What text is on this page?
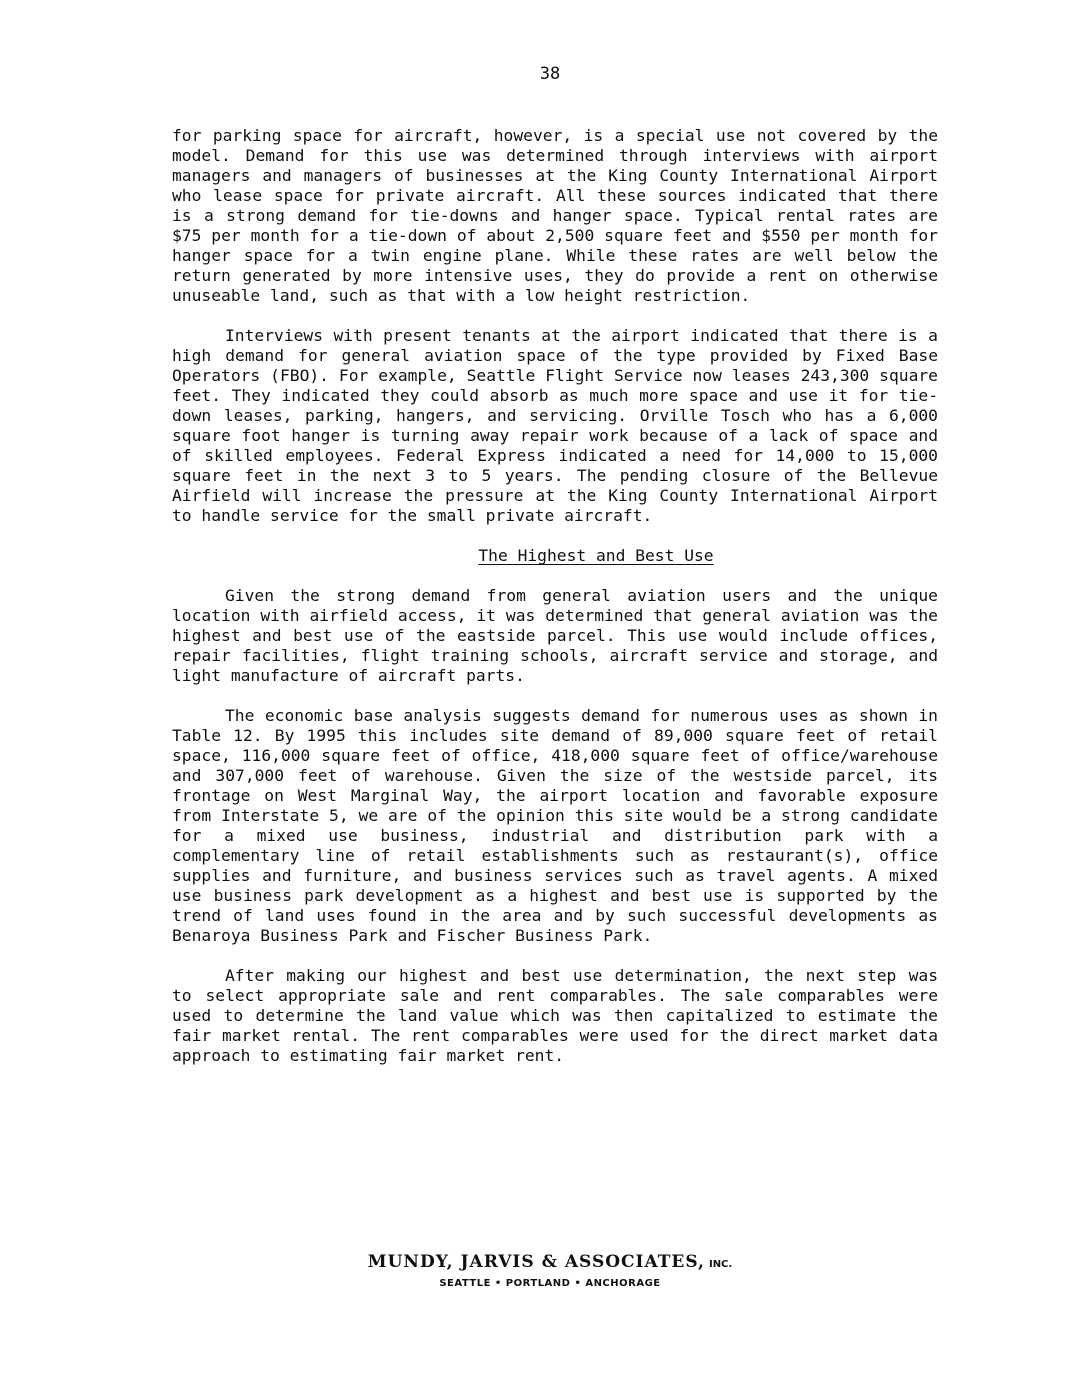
38

for parking space for aircraft, however, is a special use not covered by the model. Demand for this use was determined through interviews with airport managers and managers of businesses at the King County International Airport who lease space for private aircraft. All these sources indicated that there is a strong demand for tie-downs and hanger space. Typical rental rates are $75 per month for a tie-down of about 2,500 square feet and $550 per month for hanger space for a twin engine plane. While these rates are well below the return generated by more intensive uses, they do provide a rent on otherwise unuseable land, such as that with a low height restriction.

Interviews with present tenants at the airport indicated that there is a high demand for general aviation space of the type provided by Fixed Base Operators (FBO). For example, Seattle Flight Service now leases 243,300 square feet. They indicated they could absorb as much more space and use it for tie-down leases, parking, hangers, and servicing. Orville Tosch who has a 6,000 square foot hanger is turning away repair work because of a lack of space and of skilled employees. Federal Express indicated a need for 14,000 to 15,000 square feet in the next 3 to 5 years. The pending closure of the Bellevue Airfield will increase the pressure at the King County International Airport to handle service for the small private aircraft.

The Highest and Best Use

Given the strong demand from general aviation users and the unique location with airfield access, it was determined that general aviation was the highest and best use of the eastside parcel. This use would include offices, repair facilities, flight training schools, aircraft service and storage, and light manufacture of aircraft parts.

The economic base analysis suggests demand for numerous uses as shown in Table 12. By 1995 this includes site demand of 89,000 square feet of retail space, 116,000 square feet of office, 418,000 square feet of office/warehouse and 307,000 feet of warehouse. Given the size of the westside parcel, its frontage on West Marginal Way, the airport location and favorable exposure from Interstate 5, we are of the opinion this site would be a strong candidate for a mixed use business, industrial and distribution park with a complementary line of retail establishments such as restaurant(s), office supplies and furniture, and business services such as travel agents. A mixed use business park development as a highest and best use is supported by the trend of land uses found in the area and by such successful developments as Benaroya Business Park and Fischer Business Park.

After making our highest and best use determination, the next step was to select appropriate sale and rent comparables. The sale comparables were used to determine the land value which was then capitalized to estimate the fair market rental. The rent comparables were used for the direct market data approach to estimating fair market rent.

MUNDY, JARVIS & ASSOCIATES, INC.
SEATTLE • PORTLAND • ANCHORAGE
